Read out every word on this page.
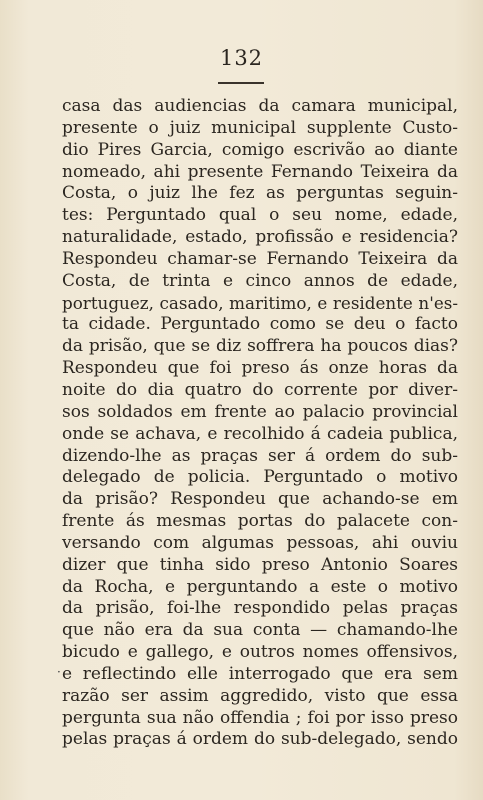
132
·
casa das audiencias da camara municipal,
presente o juiz municipal supplente Custo-
dio Pires Garcia, comigo escrivão ao diante
nomeado, ahi presente Fernando Teixeira da
Costa, o juiz lhe fez as perguntas seguin-
tes: Perguntado qual o seu nome, edade,
naturalidade, estado, profissão e residencia?
Respondeu chamar-se Fernando Teixeira da
Costa, de trinta e cinco annos de edade,
portuguez, casado, maritimo, e residente n'es-
ta cidade. Perguntado como se deu o facto
da prisão, que se diz soffrera ha poucos dias?
Respondeu que foi preso ás onze horas da
noite do dia quatro do corrente por diver-
sos soldados em frente ao palacio provincial
onde se achava, e recolhido á cadeia publica,
dizendo-lhe as praças ser á ordem do sub-
delegado de policia. Perguntado o motivo
da prisão? Respondeu que achando-se em
frente ás mesmas portas do palacete con-
versando com algumas pessoas, ahi ouviu
dizer que tinha sido preso Antonio Soares
da Rocha, e perguntando a este o motivo
da prisão, foi-lhe respondido pelas praças
que não era da sua conta — chamando-lhe
bicudo e gallego, e outros nomes offensivos,
e reflectindo elle interrogado que era sem
razão ser assim aggredido, visto que essa
pergunta sua não offendia ; foi por isso preso
pelas praças á ordem do sub-delegado, sendo
